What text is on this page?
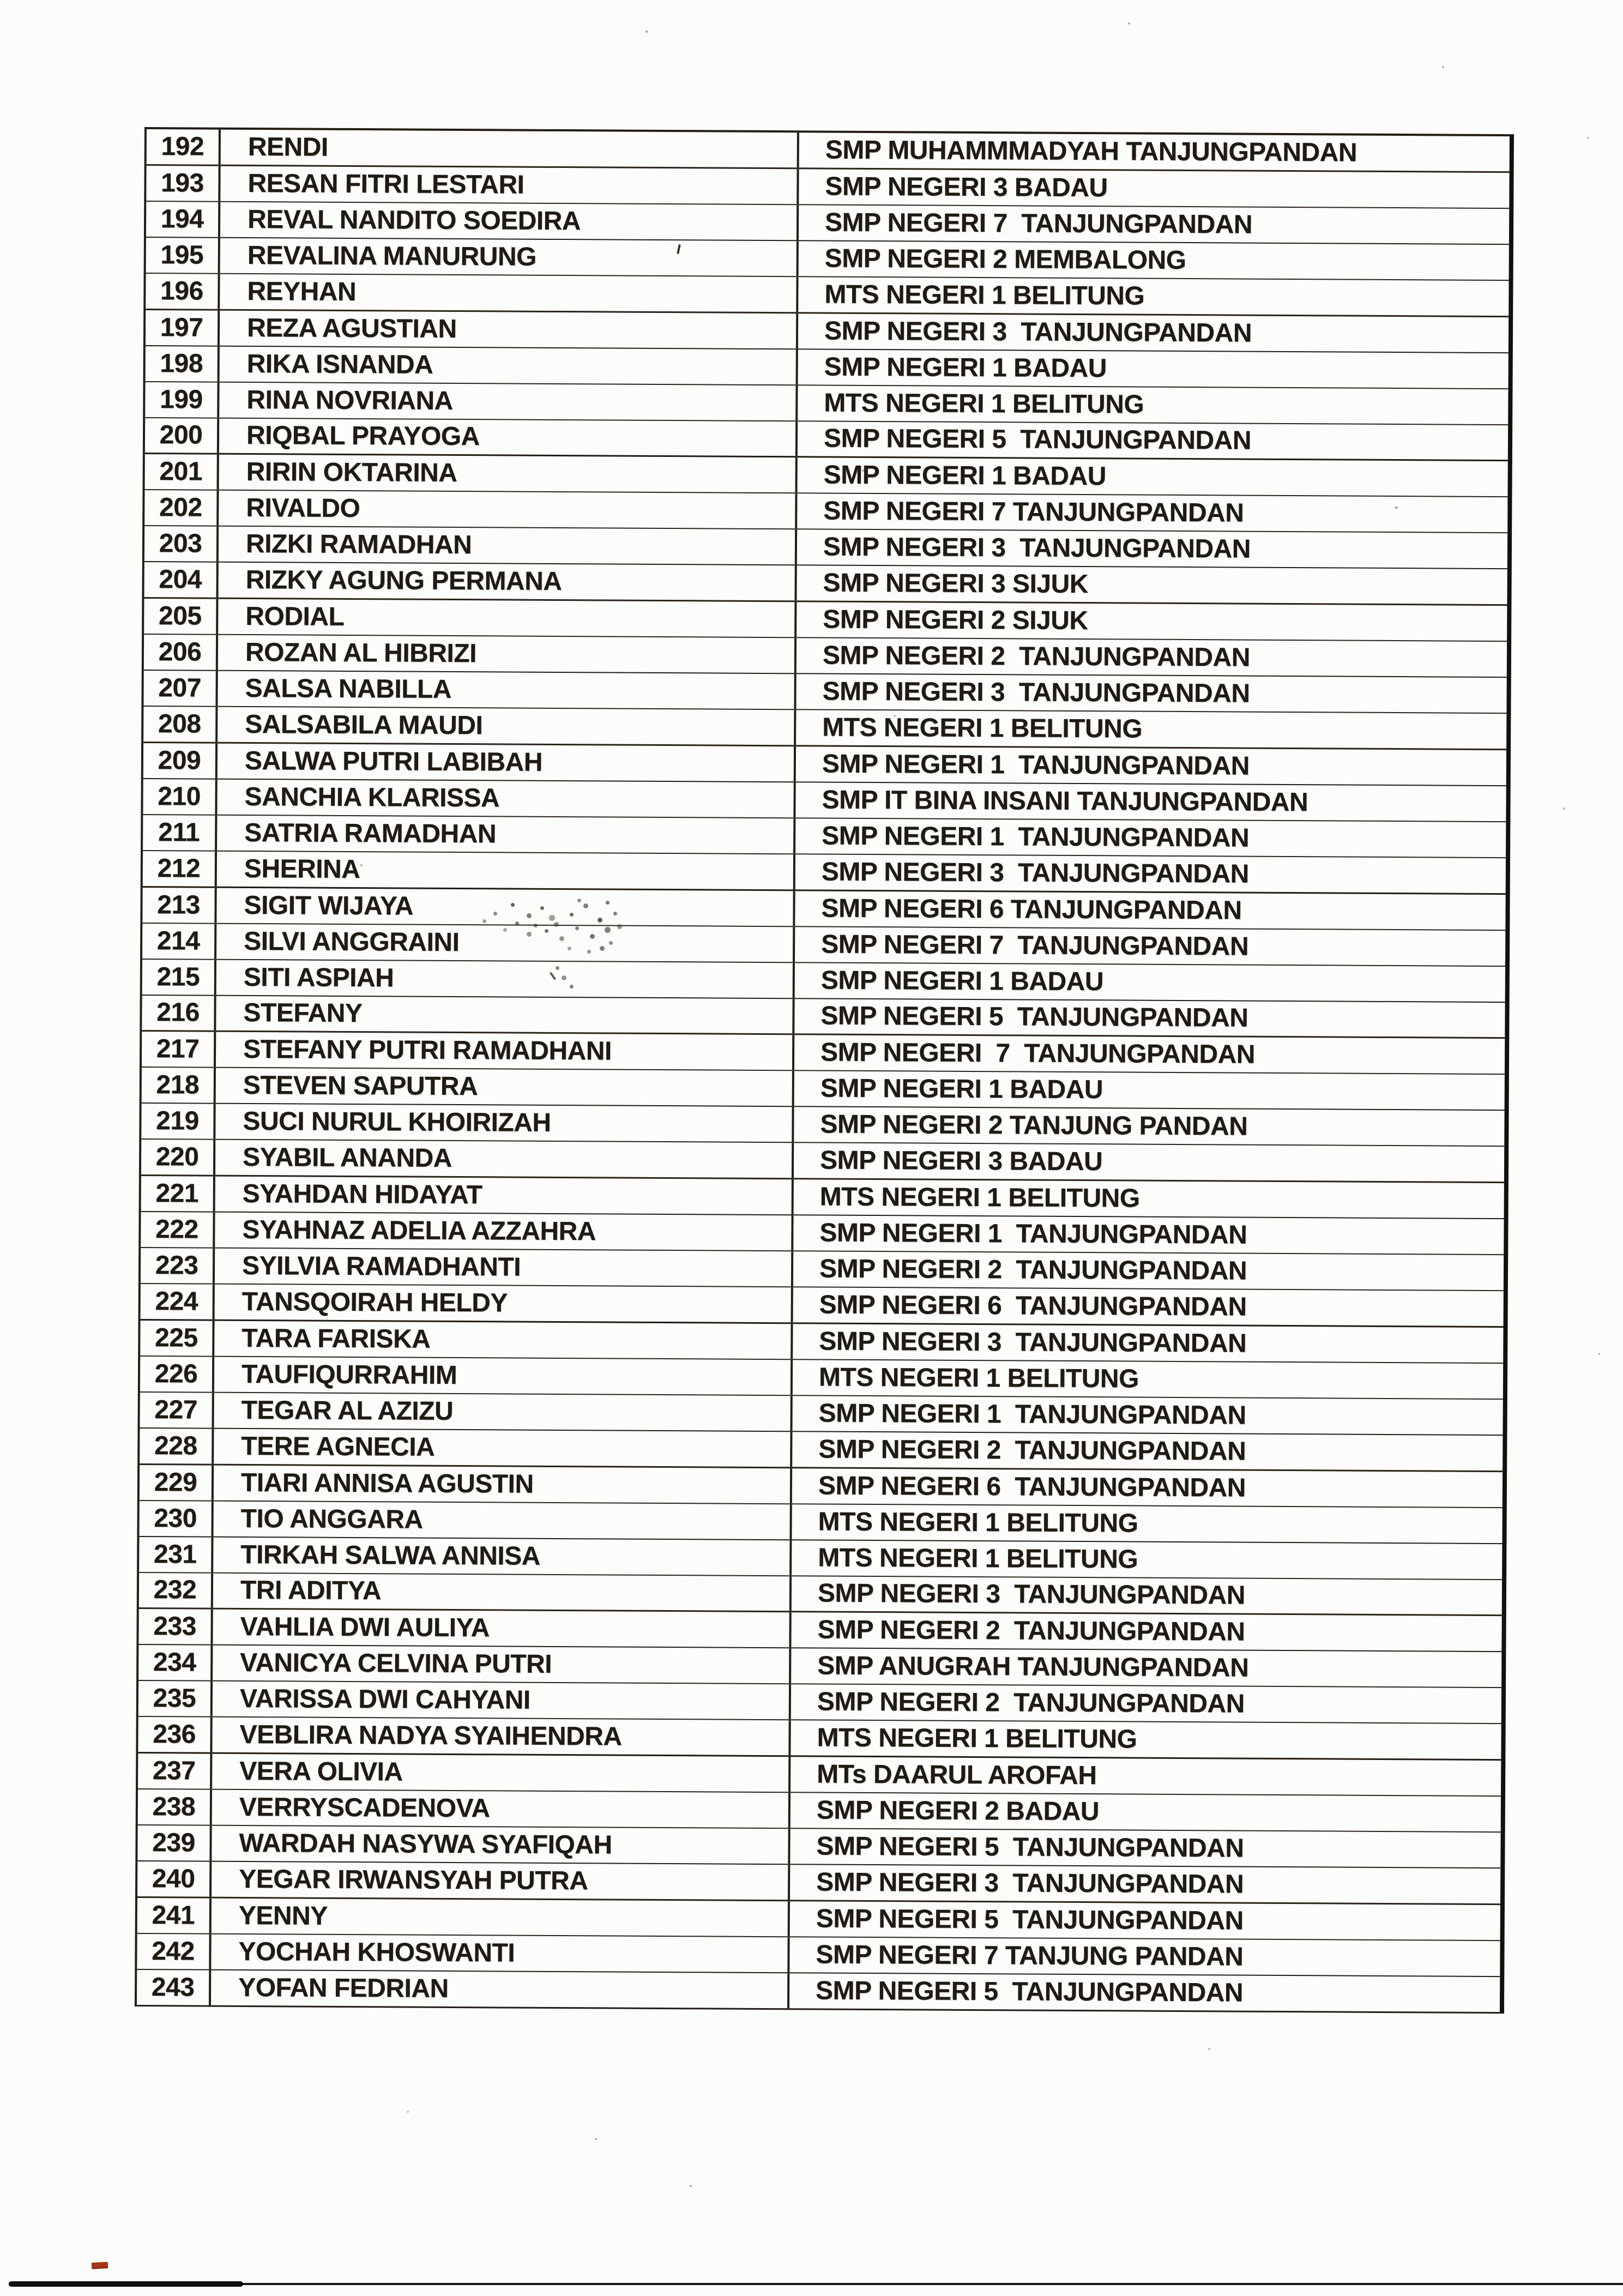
192	RENDI	SMP MUHAMMMADYAH TANJUNGPANDAN
193	RESAN FITRI LESTARI	SMP NEGERI 3 BADAU
194	REVAL NANDITO SOEDIRA	SMP NEGERI 7  TANJUNGPANDAN
195	REVALINA MANURUNG	SMP NEGERI 2 MEMBALONG
196	REYHAN	MTS NEGERI 1 BELITUNG
197	REZA AGUSTIAN	SMP NEGERI 3  TANJUNGPANDAN
198	RIKA ISNANDA	SMP NEGERI 1 BADAU
199	RINA NOVRIANA	MTS NEGERI 1 BELITUNG
200	RIQBAL PRAYOGA	SMP NEGERI 5  TANJUNGPANDAN
201	RIRIN OKTARINA	SMP NEGERI 1 BADAU
202	RIVALDO	SMP NEGERI 7 TANJUNGPANDAN
203	RIZKI RAMADHAN	SMP NEGERI 3  TANJUNGPANDAN
204	RIZKY AGUNG PERMANA	SMP NEGERI 3 SIJUK
205	RODIAL	SMP NEGERI 2 SIJUK
206	ROZAN AL HIBRIZI	SMP NEGERI 2  TANJUNGPANDAN
207	SALSA NABILLA	SMP NEGERI 3  TANJUNGPANDAN
208	SALSABILA MAUDI	MTS NEGERI 1 BELITUNG
209	SALWA PUTRI LABIBAH	SMP NEGERI 1  TANJUNGPANDAN
210	SANCHIA KLARISSA	SMP IT BINA INSANI TANJUNGPANDAN
211	SATRIA RAMADHAN	SMP NEGERI 1  TANJUNGPANDAN
212	SHERINA	SMP NEGERI 3  TANJUNGPANDAN
213	SIGIT WIJAYA	SMP NEGERI 6 TANJUNGPANDAN
214	SILVI ANGGRAINI	SMP NEGERI 7  TANJUNGPANDAN
215	SITI ASPIAH	SMP NEGERI 1 BADAU
216	STEFANY	SMP NEGERI 5  TANJUNGPANDAN
217	STEFANY PUTRI RAMADHANI	SMP NEGERI  7  TANJUNGPANDAN
218	STEVEN SAPUTRA	SMP NEGERI 1 BADAU
219	SUCI NURUL KHOIRIZAH	SMP NEGERI 2 TANJUNG PANDAN
220	SYABIL ANANDA	SMP NEGERI 3 BADAU
221	SYAHDAN HIDAYAT	MTS NEGERI 1 BELITUNG
222	SYAHNAZ ADELIA AZZAHRA	SMP NEGERI 1  TANJUNGPANDAN
223	SYILVIA RAMADHANTI	SMP NEGERI 2  TANJUNGPANDAN
224	TANSQOIRAH HELDY	SMP NEGERI 6  TANJUNGPANDAN
225	TARA FARISKA	SMP NEGERI 3  TANJUNGPANDAN
226	TAUFIQURRAHIM	MTS NEGERI 1 BELITUNG
227	TEGAR AL AZIZU	SMP NEGERI 1  TANJUNGPANDAN
228	TERE AGNECIA	SMP NEGERI 2  TANJUNGPANDAN
229	TIARI ANNISA AGUSTIN	SMP NEGERI 6  TANJUNGPANDAN
230	TIO ANGGARA	MTS NEGERI 1 BELITUNG
231	TIRKAH SALWA ANNISA	MTS NEGERI 1 BELITUNG
232	TRI ADITYA	SMP NEGERI 3  TANJUNGPANDAN
233	VAHLIA DWI AULIYA	SMP NEGERI 2  TANJUNGPANDAN
234	VANICYA CELVINA PUTRI	SMP ANUGRAH TANJUNGPANDAN
235	VARISSA DWI CAHYANI	SMP NEGERI 2  TANJUNGPANDAN
236	VEBLIRA NADYA SYAIHENDRA	MTS NEGERI 1 BELITUNG
237	VERA OLIVIA	MTs DAARUL AROFAH
238	VERRYSCADENOVA	SMP NEGERI 2 BADAU
239	WARDAH NASYWA SYAFIQAH	SMP NEGERI 5  TANJUNGPANDAN
240	YEGAR IRWANSYAH PUTRA	SMP NEGERI 3  TANJUNGPANDAN
241	YENNY	SMP NEGERI 5  TANJUNGPANDAN
242	YOCHAH KHOSWANTI	SMP NEGERI 7 TANJUNG PANDAN
243	YOFAN FEDRIAN	SMP NEGERI 5  TANJUNGPANDAN
